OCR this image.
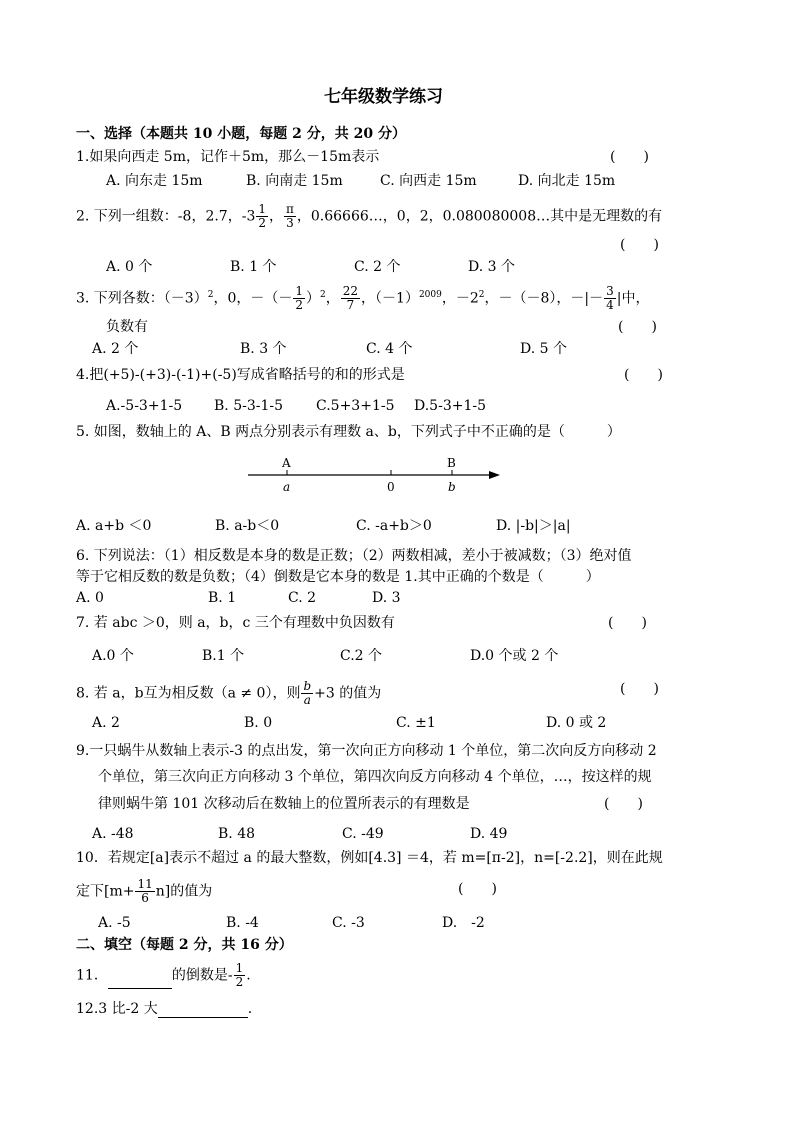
七年级数学练习
一、选择（本题共 10 小题，每题 2 分，共 20 分）
1.如果向西走 5m，记作＋5m，那么－15m表示	(　　)
A. 向东走 15m	B. 向南走 15m	C. 向西走 15m	D. 向北走 15m
2. 下列一组数：-8，2.7，$-3 \frac{1}{2}$ ， $\frac{\pi}{3}$ ，0.66666…，0，2，0.080080008…其中是无理数的有
(　　)
A. 0 个	B. 1 个	C. 2 个	D. 3 个
3. 下列各数：$(-3)^2$，0，－（－ $\frac{1}{2} )^2$， $\frac{22}{7}$ ，$(-1)^{2009}$，$-2^2$，－（－8），－|－ $\frac{3}{4}$ |中，
负数有	(　　)
A. 2 个	B. 3 个	C. 4 个	D. 5 个
4.把(+5)-(+3)-(-1)+(-5)写成省略括号的和的形式是	(　　)
A.-5-3+1-5 B. 5-3-1-5 C.5+3+1-5 D.5-3+1-5
5. 如图，数轴上的 A、B 两点分别表示有理数 a、b，下列式子中不正确的是（　　　）
A	B
a	0	b
A. a+b ＜0	B. a-b＜0	C. -a+b＞0	D. |-b|＞|a|
6. 下列说法：（1）相反数是本身的数是正数；（2）两数相减，差小于被减数；（3）绝对值
等于它相反数的数是负数；（4）倒数是它本身的数是 1.其中正确的个数是（　　　）
A. 0	B. 1	C. 2	D. 3
7. 若 abc ＞0，则 a，b，c 三个有理数中负因数有	(　　)
A.0 个	B.1 个	C.2 个	D.0 个或 2 个
8. 若 a，b互为相反数（a ≠ 0），则 $\frac{b}{a} +3$ 的值为	(　　)
A. 2	B. 0	C. ±1	D. 0 或 2
9.一只蜗牛从数轴上表示-3 的点出发，第一次向正方向移动 1 个单位，第二次向反方向移动 2
个单位，第三次向正方向移动 3 个单位，第四次向反方向移动 4 个单位，…，按这样的规
律则蜗牛第 101 次移动后在数轴上的位置所表示的有理数是	(　　)
A. -48	B. 48	C. -49	D. 49
10．若规定[a]表示不超过 a 的最大整数，例如[4.3] ＝4，若 m=[π-2]，n=[-2.2]，则在此规
定下$[m+ \frac{11}{6} n]$的值为	(　　)
A. -5	B. -4	C. -3	D.　-2
二、填空（每题 2 分，共 16 分）
11．	的倒数是- $\frac{1}{2}$ .
12.3 比-2 大	.
